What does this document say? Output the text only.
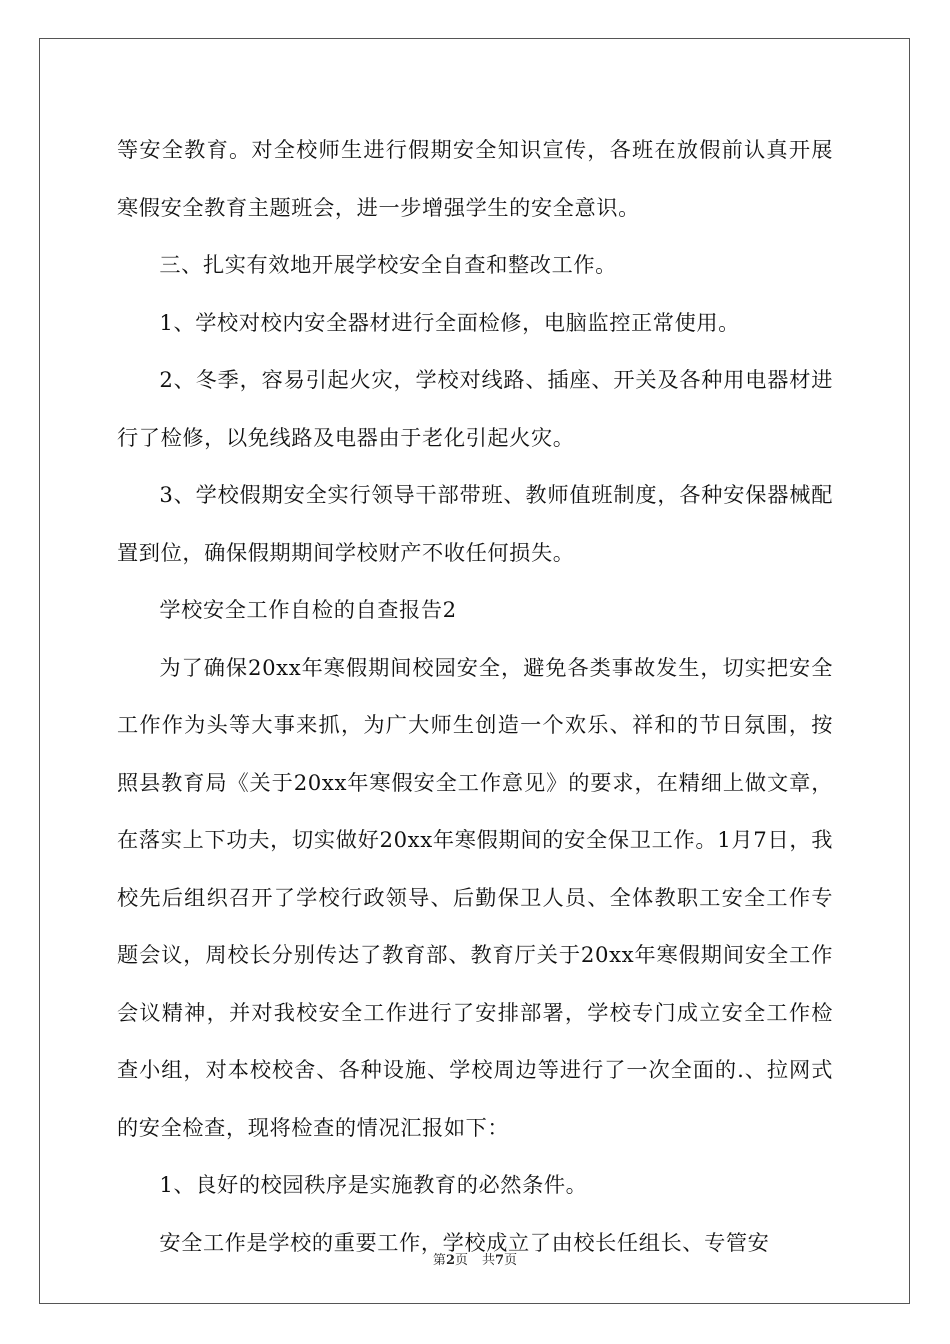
等安全教育。对全校师生进行假期安全知识宣传，各班在放假前认真开展寒假安全教育主题班会，进一步增强学生的安全意识。

三、扎实有效地开展学校安全自查和整改工作。

1、学校对校内安全器材进行全面检修，电脑监控正常使用。

2、冬季，容易引起火灾，学校对线路、插座、开关及各种用电器材进行了检修，以免线路及电器由于老化引起火灾。

3、学校假期安全实行领导干部带班、教师值班制度，各种安保器械配置到位，确保假期期间学校财产不收任何损失。

学校安全工作自检的自查报告2

为了确保20xx年寒假期间校园安全，避免各类事故发生，切实把安全工作作为头等大事来抓，为广大师生创造一个欢乐、祥和的节日氛围，按照县教育局《关于20xx年寒假安全工作意见》的要求，在精细上做文章，在落实上下功夫，切实做好20xx年寒假期间的安全保卫工作。1月7日，我校先后组织召开了学校行政领导、后勤保卫人员、全体教职工安全工作专题会议，周校长分别传达了教育部、教育厅关于20xx年寒假期间安全工作会议精神，并对我校安全工作进行了安排部署，学校专门成立安全工作检查小组，对本校校舍、各种设施、学校周边等进行了一次全面的.、拉网式的安全检查，现将检查的情况汇报如下：

1、良好的校园秩序是实施教育的必然条件。

安全工作是学校的重要工作，学校成立了由校长任组长、专管安

第2页 共7页
